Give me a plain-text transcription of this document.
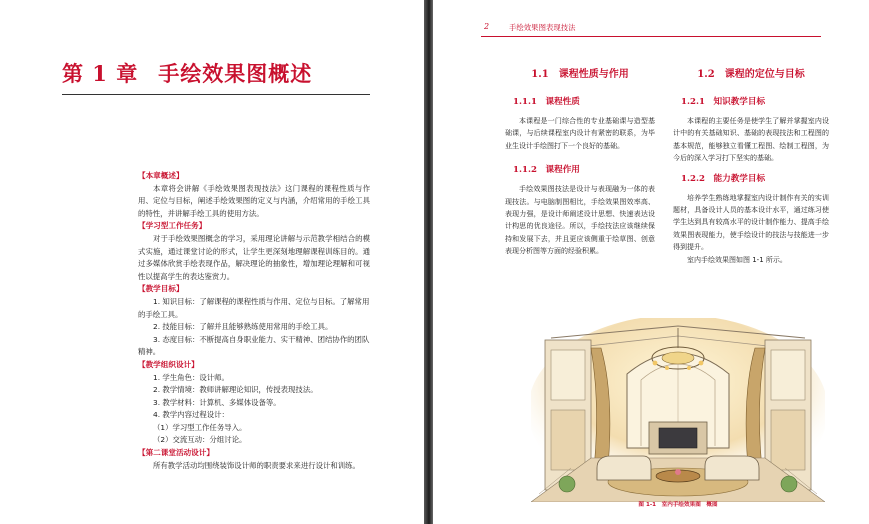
第 1 章 手绘效果图概述
【本章概述】
本章将会讲解《手绘效果图表现技法》这门课程的课程性质与作用、定位与目标，阐述手绘效果图的定义与内涵，介绍常用的手绘工具的特性，并讲解手绘工具的使用方法。
【学习型工作任务】
对于手绘效果图概念的学习，采用理论讲解与示范教学相结合的模式实施，通过课堂讨论的形式，让学生更深刻地理解课程训练目的。通过多媒体欣赏手绘表现作品，解决理论的抽象性，增加理论理解和可视性以提高学生的表达鉴赏力。
【教学目标】
1. 知识目标：了解课程的课程性质与作用、定位与目标。了解常用的手绘工具。
2. 技能目标：了解并且能够熟练使用常用的手绘工具。
3. 态度目标：不断提高自身职业能力、实干精神、团结协作的团队精神。
【教学组织设计】
1. 学生角色：设计师。
2. 教学情境：教师讲解理论知识，传授表现技法。
3. 教学材料：计算机、多媒体设备等。
4. 教学内容过程设计：
（1）学习型工作任务导入。
（2）交流互动：分组讨论。
【第二课堂活动设计】
所有教学活动均围绕装饰设计师的职责要求来进行设计和训练。
2	手绘效果图表现技法
1.1　课程性质与作用
1.1.1　课程性质
本课程是一门综合性的专业基础课与造型基础课，与后续课程室内设计有紧密的联系，为毕业生设计手绘图打下一个良好的基础。
1.1.2　课程作用
手绘效果图技法是设计与表现融为一体的表现技法。与电脑制图相比，手绘效果图效率高、表现力强，是设计师阐述设计思想、快速表达设计构思的优良途径。所以，手绘技法应该继续保持和发展下去，并且更应该侧重于绘草图、创意表现分析图等方面的经验积累。
1.2　课程的定位与目标
1.2.1　知识教学目标
本课程的主要任务是使学生了解并掌握室内设计中的有关基础知识、基础的表现技法和工程图的基本规范，能够独立看懂工程图、绘制工程图，为今后的深入学习打下坚实的基础。
1.2.2　能力教学目标
培养学生熟练地掌握室内设计制作有关的实训题材，具备设计人员的基本设计水平，通过练习使学生达到具有较高水平的设计制作能力、提高手绘效果图表现能力，使手绘设计的技法与技能进一步得到提升。
室内手绘效果图如图 1-1 所示。
图 1-1　室内手绘效果图　概图
